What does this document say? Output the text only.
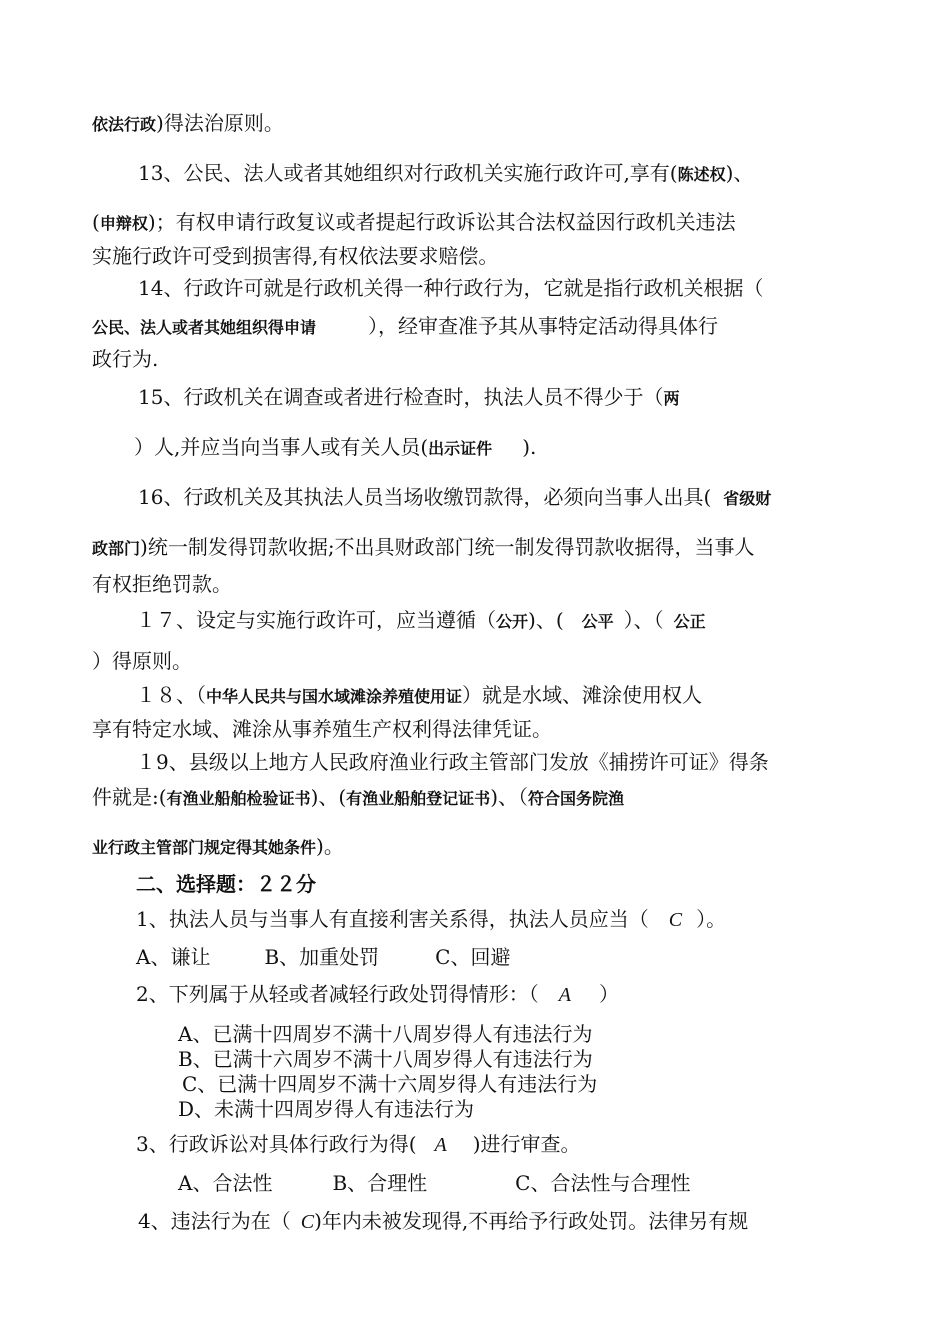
依法行政)得法治原则。
13、公民、法人或者其她组织对行政机关实施行政许可,享有(陈述权)、
(申辩权)；有权申请行政复议或者提起行政诉讼其合法权益因行政机关违法
实施行政许可受到损害得,有权依法要求赔偿。
14、行政许可就是行政机关得一种行政行为，它就是指行政机关根据（
公民、法人或者其她组织得申请	），经审查准予其从事特定活动得具体行
政行为.
15、行政机关在调查或者进行检查时，执法人员不得少于（两
）人,并应当向当事人或有关人员(出示证件 ).
16、行政机关及其执法人员当场收缴罚款得，必须向当事人出具( 省级财
政部门)统一制发得罚款收据;不出具财政部门统一制发得罚款收据得，当事人
有权拒绝罚款。
１７、设定与实施行政许可，应当遵循（公开)、( 公平 ）、（ 公正
）得原则。
１８、（中华人民共与国水域滩涂养殖使用证）就是水域、滩涂使用权人
享有特定水域、滩涂从事养殖生产权利得法律凭证。
１9、县级以上地方人民政府渔业行政主管部门发放《捕捞许可证》得条
件就是:(有渔业船舶检验证书)、(有渔业船舶登记证书)、（符合国务院渔
业行政主管部门规定得其她条件)。
二、选择题：２２分
1、执法人员与当事人有直接利害关系得，执法人员应当（ C ）。
A、谦让	B、加重处罚	C、回避
2、下列属于从轻或者减轻行政处罚得情形：（ A ）
A、已满十四周岁不满十八周岁得人有违法行为
B、已满十六周岁不满十八周岁得人有违法行为
C、已满十四周岁不满十六周岁得人有违法行为
D、未满十四周岁得人有违法行为
3、行政诉讼对具体行政行为得( A )进行审查。
A、合法性	B、合理性	C、合法性与合理性
4、违法行为在（ C)年内未被发现得,不再给予行政处罚。法律另有规
